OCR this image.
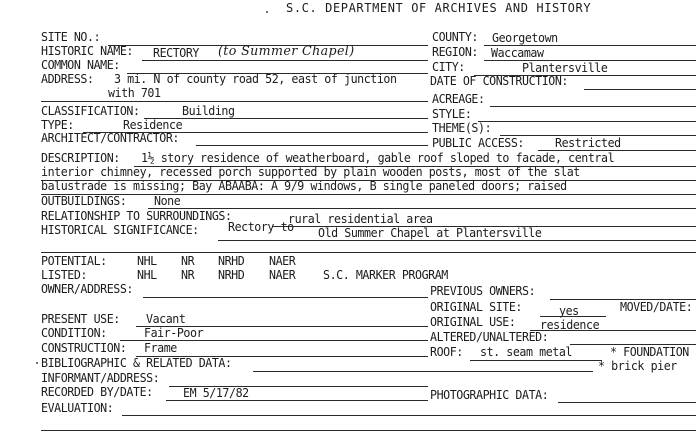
S.C. DEPARTMENT OF ARCHIVES AND HISTORY
SITE NO.:	COUNTY: Georgetown
HISTORIC NAME: RECTORY (to Summer Chapel)	REGION: Waccamaw
COMMON NAME:	CITY:	Plantersville
ADDRESS: 3 mi. N of county road 52, east of junction	DATE OF CONSTRUCTION:
with 701	ACREAGE:
CLASSIFICATION:	Building	STYLE:
TYPE:	Residence	THEME(S):
ARCHITECT/CONTRACTOR:	PUBLIC ACCESS:	Restricted
DESCRIPTION: 1½ story residence of weatherboard, gable roof sloped to facade, central
interior chimney, recessed porch supported by plain wooden posts, most of the slat
balustrade is missing; Bay ABAABA: A 9/9 windows, B single paneled doors; raised
OUTBUILDINGS: None
RELATIONSHIP TO SURROUNDINGS:	rural residential area
HISTORICAL SIGNIFICANCE: Rectory to Old Summer Chapel at Plantersville
POTENTIAL:	NHL NR NRHD NAER
LISTED:	NHL NR NRHD NAER S.C. MARKER PROGRAM
OWNER/ADDRESS:	PREVIOUS OWNERS:
ORIGINAL SITE:	yes	MOVED/DATE:
PRESENT USE: Vacant	ORIGINAL USE: residence
CONDITION:	Fair-Poor	ALTERED/UNALTERED:
CONSTRUCTION: Frame	ROOF: st. seam metal	* FOUNDATION
* brick pier
BIBLIOGRAPHIC & RELATED DATA:
INFORMANT/ADDRESS:
RECORDED BY/DATE:	EM 5/17/82	PHOTOGRAPHIC DATA:
EVALUATION:
